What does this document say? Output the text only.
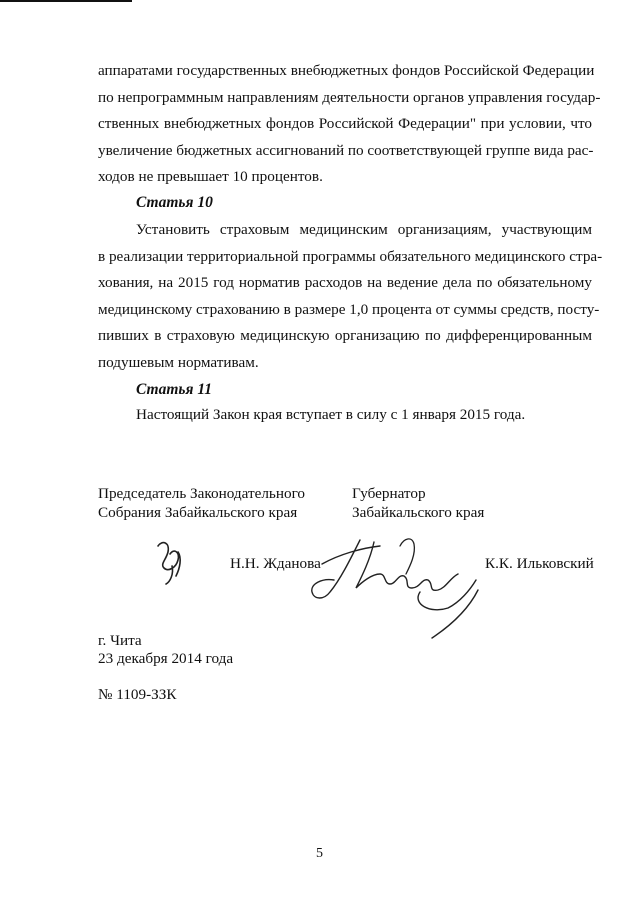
аппаратами государственных внебюджетных фондов Российской Федерации
по непрограммным направлениям деятельности органов управления государ-
ственных внебюджетных фондов Российской Федерации" при условии, что
увеличение бюджетных ассигнований по соответствующей группе вида рас-
ходов не превышает 10 процентов.
Статья 10
Установить страховым медицинским организациям, участвующим
в реализации территориальной программы обязательного медицинского стра-
хования, на 2015 год норматив расходов на ведение дела по обязательному
медицинскому страхованию в размере 1,0 процента от суммы средств, посту-
пивших в страховую медицинскую организацию по дифференцированным
подушевым нормативам.
Статья 11
Настоящий Закон края вступает в силу с 1 января 2015 года.
Председатель Законодательного
Собрания Забайкальского края
Губернатор
Забайкальского края
Н.Н. Жданова	К.К. Ильковский
г. Чита
23 декабря 2014 года
№ 1109-ЗЗК
5
